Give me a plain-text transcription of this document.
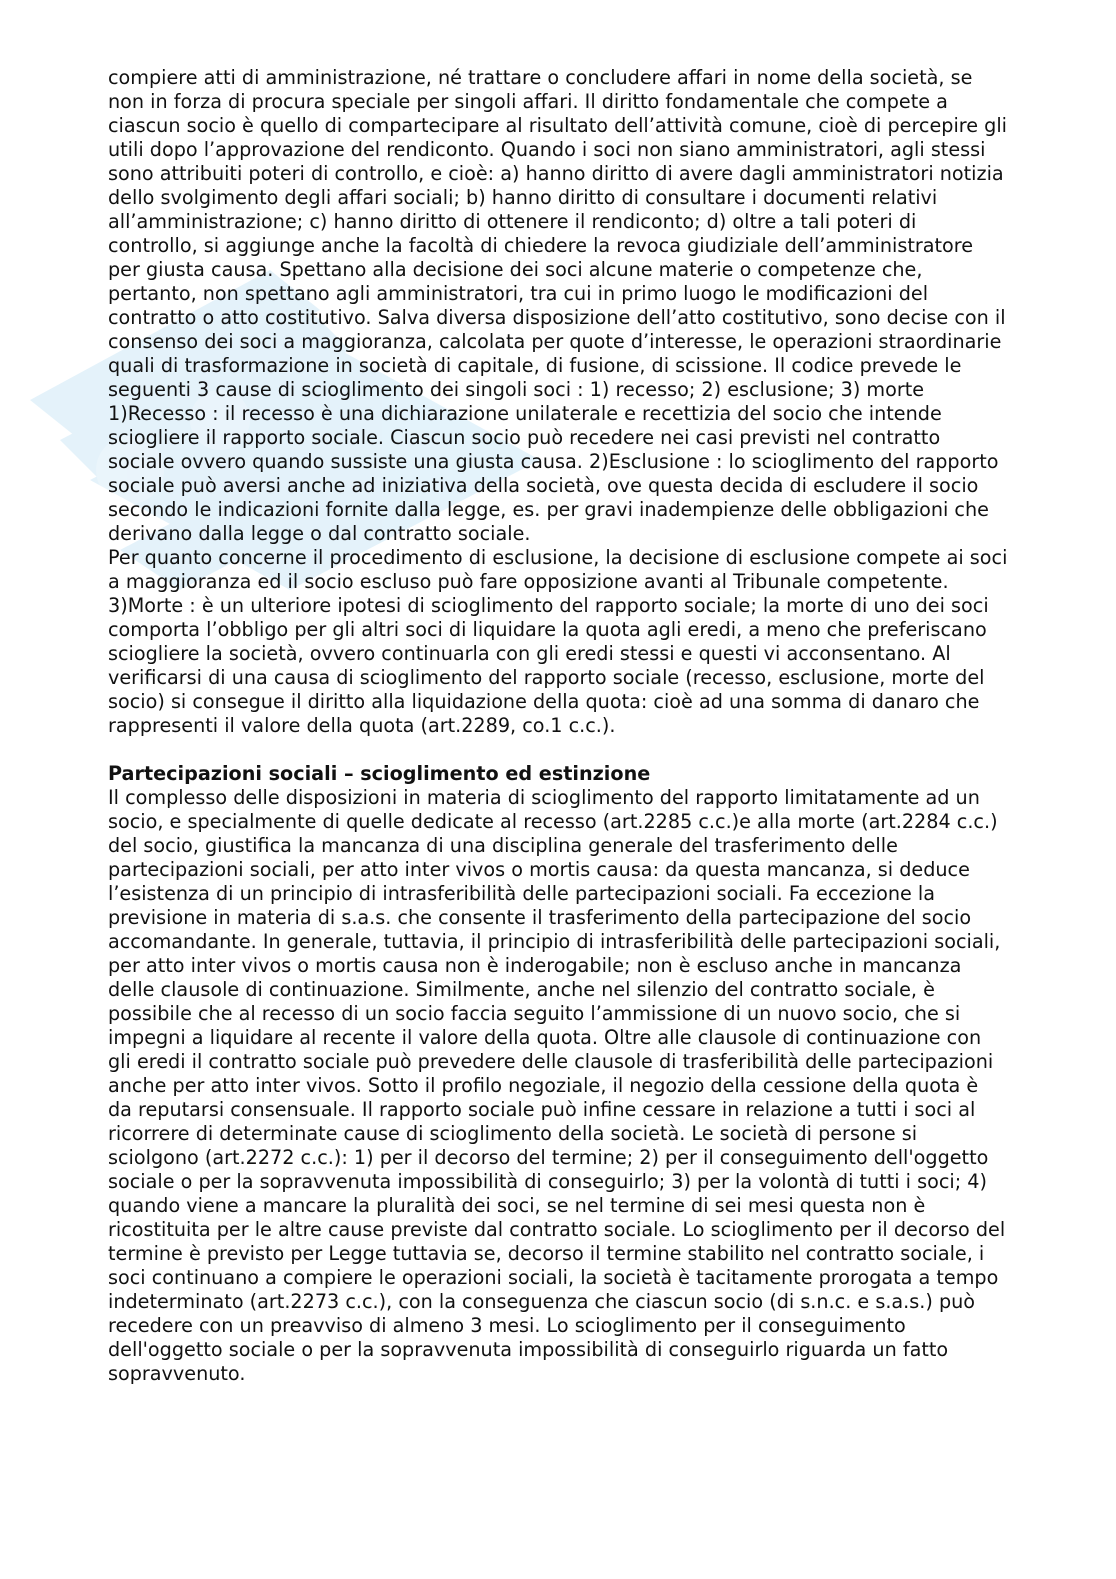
compiere atti di amministrazione, né trattare o concludere affari in nome della società, se non in forza di procura speciale per singoli affari. Il diritto fondamentale che compete a ciascun socio è quello di compartecipare al risultato dell’attività comune, cioè di percepire gli utili dopo l’approvazione del rendiconto. Quando i soci non siano amministratori, agli stessi sono attribuiti poteri di controllo, e cioè: a) hanno diritto di avere dagli amministratori notizia dello svolgimento degli affari sociali; b) hanno diritto di consultare i documenti relativi all’amministrazione; c) hanno diritto di ottenere il rendiconto; d) oltre a tali poteri di controllo, si aggiunge anche la facoltà di chiedere la revoca giudiziale dell’amministratore per giusta causa. Spettano alla decisione dei soci alcune materie o competenze che, pertanto, non spettano agli amministratori, tra cui in primo luogo le modificazioni del contratto o atto costitutivo. Salva diversa disposizione dell’atto costitutivo, sono decise con il consenso dei soci a maggioranza, calcolata per quote d’interesse, le operazioni straordinarie quali di trasformazione in società di capitale, di fusione, di scissione. Il codice prevede le seguenti 3 cause di scioglimento dei singoli soci : 1) recesso; 2) esclusione; 3) morte 1)Recesso : il recesso è una dichiarazione unilaterale e recettizia del socio che intende sciogliere il rapporto sociale. Ciascun socio può recedere nei casi previsti nel contratto sociale ovvero quando sussiste una giusta causa. 2)Esclusione : lo scioglimento del rapporto sociale può aversi anche ad iniziativa della società, ove questa decida di escludere il socio secondo le indicazioni fornite dalla legge, es. per gravi inadempienze delle obbligazioni che derivano dalla legge o dal contratto sociale.

Per quanto concerne il procedimento di esclusione, la decisione di esclusione compete ai soci a maggioranza ed il socio escluso può fare opposizione avanti al Tribunale competente.

3)Morte : è un ulteriore ipotesi di scioglimento del rapporto sociale; la morte di uno dei soci comporta l’obbligo per gli altri soci di liquidare la quota agli eredi, a meno che preferiscano sciogliere la società, ovvero continuarla con gli eredi stessi e questi vi acconsentano. Al verificarsi di una causa di scioglimento del rapporto sociale (recesso, esclusione, morte del socio) si consegue il diritto alla liquidazione della quota: cioè ad una somma di danaro che rappresenti il valore della quota (art.2289, co.1 c.c.).

Partecipazioni sociali – scioglimento ed estinzione

Il complesso delle disposizioni in materia di scioglimento del rapporto limitatamente ad un socio, e specialmente di quelle dedicate al recesso (art.2285 c.c.)e alla morte (art.2284 c.c.) del socio, giustifica la mancanza di una disciplina generale del trasferimento delle partecipazioni sociali, per atto inter vivos o mortis causa: da questa mancanza, si deduce l’esistenza di un principio di intrasferibilità delle partecipazioni sociali. Fa eccezione la previsione in materia di s.a.s. che consente il trasferimento della partecipazione del socio accomandante. In generale, tuttavia, il principio di intrasferibilità delle partecipazioni sociali, per atto inter vivos o mortis causa non è inderogabile; non è escluso anche in mancanza delle clausole di continuazione. Similmente, anche nel silenzio del contratto sociale, è possibile che al recesso di un socio faccia seguito l’ammissione di un nuovo socio, che si impegni a liquidare al recente il valore della quota. Oltre alle clausole di continuazione con gli eredi il contratto sociale può prevedere delle clausole di trasferibilità delle partecipazioni anche per atto inter vivos. Sotto il profilo negoziale, il negozio della cessione della quota è da reputarsi consensuale. Il rapporto sociale può infine cessare in relazione a tutti i soci al ricorrere di determinate cause di scioglimento della società. Le società di persone si sciolgono (art.2272 c.c.): 1) per il decorso del termine; 2) per il conseguimento dell'oggetto sociale o per la sopravvenuta impossibilità di conseguirlo; 3) per la volontà di tutti i soci; 4) quando viene a mancare la pluralità dei soci, se nel termine di sei mesi questa non è ricostituita per le altre cause previste dal contratto sociale. Lo scioglimento per il decorso del termine è previsto per Legge tuttavia se, decorso il termine stabilito nel contratto sociale, i soci continuano a compiere le operazioni sociali, la società è tacitamente prorogata a tempo indeterminato (art.2273 c.c.), con la conseguenza che ciascun socio (di s.n.c. e s.a.s.) può recedere con un preavviso di almeno 3 mesi. Lo scioglimento per il conseguimento dell'oggetto sociale o per la sopravvenuta impossibilità di conseguirlo riguarda un fatto sopravvenuto.
